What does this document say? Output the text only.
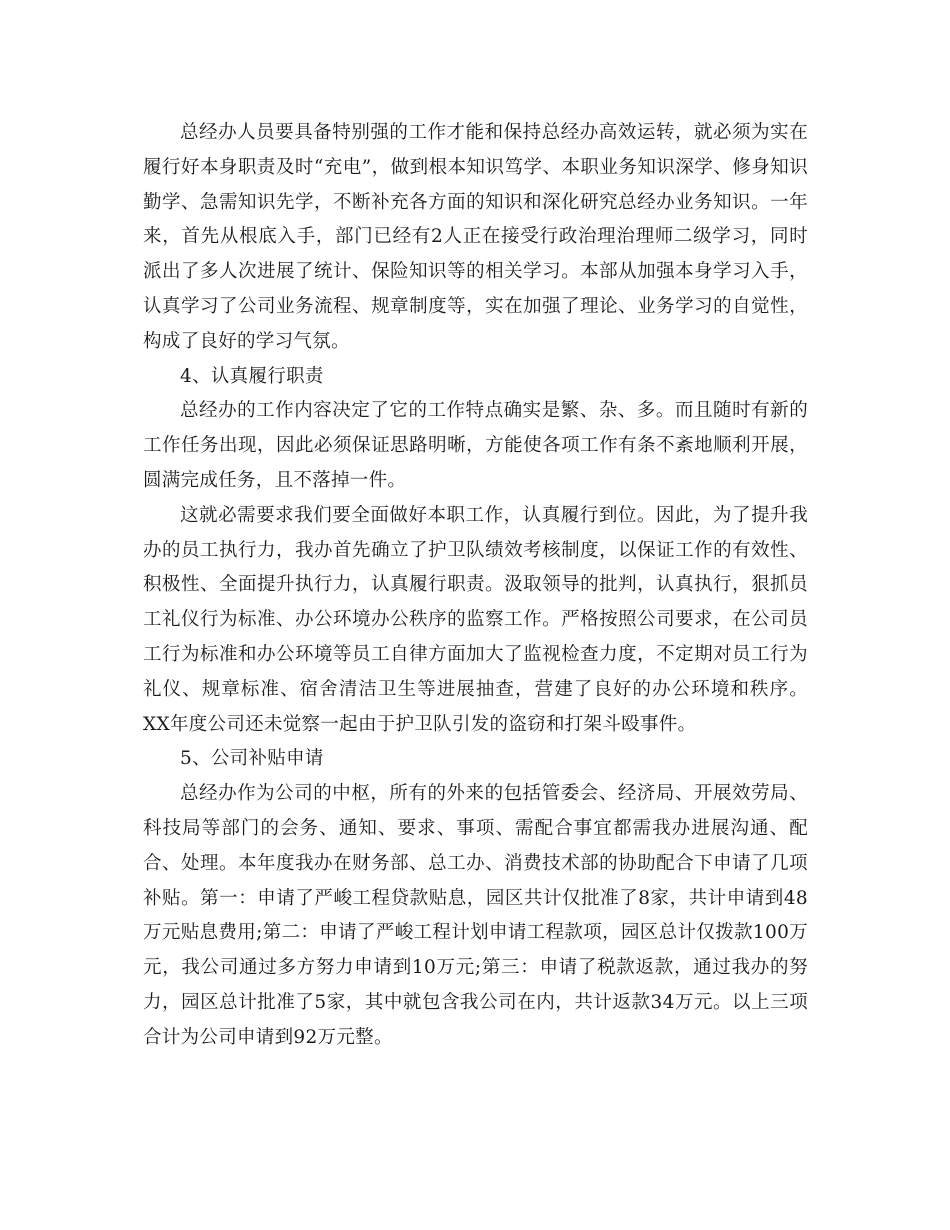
总经办人员要具备特别强的工作才能和保持总经办高效运转，就必须为实在履行好本身职责及时“充电”，做到根本知识笃学、本职业务知识深学、修身知识勤学、急需知识先学，不断补充各方面的知识和深化研究总经办业务知识。一年来，首先从根底入手，部门已经有2人正在接受行政治理治理师二级学习，同时派出了多人次进展了统计、保险知识等的相关学习。本部从加强本身学习入手，认真学习了公司业务流程、规章制度等，实在加强了理论、业务学习的自觉性，构成了良好的学习气氛。

4、认真履行职责

总经办的工作内容决定了它的工作特点确实是繁、杂、多。而且随时有新的工作任务出现，因此必须保证思路明晰，方能使各项工作有条不紊地顺利开展，圆满完成任务，且不落掉一件。

这就必需要求我们要全面做好本职工作，认真履行到位。因此，为了提升我办的员工执行力，我办首先确立了护卫队绩效考核制度，以保证工作的有效性、积极性、全面提升执行力，认真履行职责。汲取领导的批判，认真执行，狠抓员工礼仪行为标准、办公环境办公秩序的监察工作。严格按照公司要求，在公司员工行为标准和办公环境等员工自律方面加大了监视检查力度，不定期对员工行为礼仪、规章标准、宿舍清洁卫生等进展抽查，营建了良好的办公环境和秩序。XX年度公司还未觉察一起由于护卫队引发的盗窃和打架斗殴事件。

5、公司补贴申请

总经办作为公司的中枢，所有的外来的包括管委会、经济局、开展效劳局、科技局等部门的会务、通知、要求、事项、需配合事宜都需我办进展沟通、配合、处理。本年度我办在财务部、总工办、消费技术部的协助配合下申请了几项补贴。第一：申请了严峻工程贷款贴息，园区共计仅批准了8家，共计申请到48万元贴息费用;第二：申请了严峻工程计划申请工程款项，园区总计仅拨款100万元，我公司通过多方努力申请到10万元;第三：申请了税款返款，通过我办的努力，园区总计批准了5家，其中就包含我公司在内，共计返款34万元。以上三项合计为公司申请到92万元整。
